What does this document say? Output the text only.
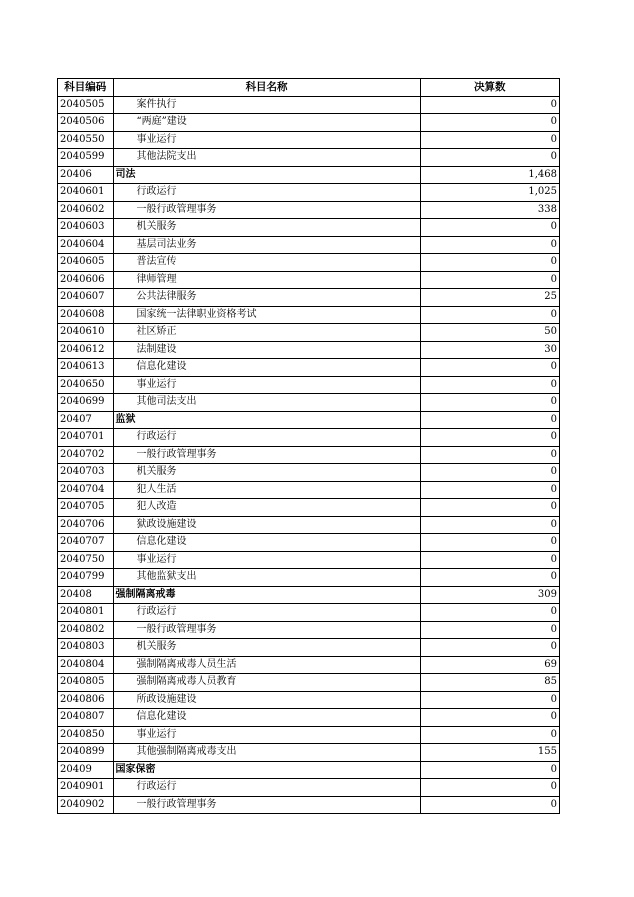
科目编码	科目名称	决算数
2040505	案件执行	0
2040506	“两庭”建设	0
2040550	事业运行	0
2040599	其他法院支出	0
20406	司法	1,468
2040601	行政运行	1,025
2040602	一般行政管理事务	338
2040603	机关服务	0
2040604	基层司法业务	0
2040605	普法宣传	0
2040606	律师管理	0
2040607	公共法律服务	25
2040608	国家统一法律职业资格考试	0
2040610	社区矫正	50
2040612	法制建设	30
2040613	信息化建设	0
2040650	事业运行	0
2040699	其他司法支出	0
20407	监狱	0
2040701	行政运行	0
2040702	一般行政管理事务	0
2040703	机关服务	0
2040704	犯人生活	0
2040705	犯人改造	0
2040706	狱政设施建设	0
2040707	信息化建设	0
2040750	事业运行	0
2040799	其他监狱支出	0
20408	强制隔离戒毒	309
2040801	行政运行	0
2040802	一般行政管理事务	0
2040803	机关服务	0
2040804	强制隔离戒毒人员生活	69
2040805	强制隔离戒毒人员教育	85
2040806	所政设施建设	0
2040807	信息化建设	0
2040850	事业运行	0
2040899	其他强制隔离戒毒支出	155
20409	国家保密	0
2040901	行政运行	0
2040902	一般行政管理事务	0
